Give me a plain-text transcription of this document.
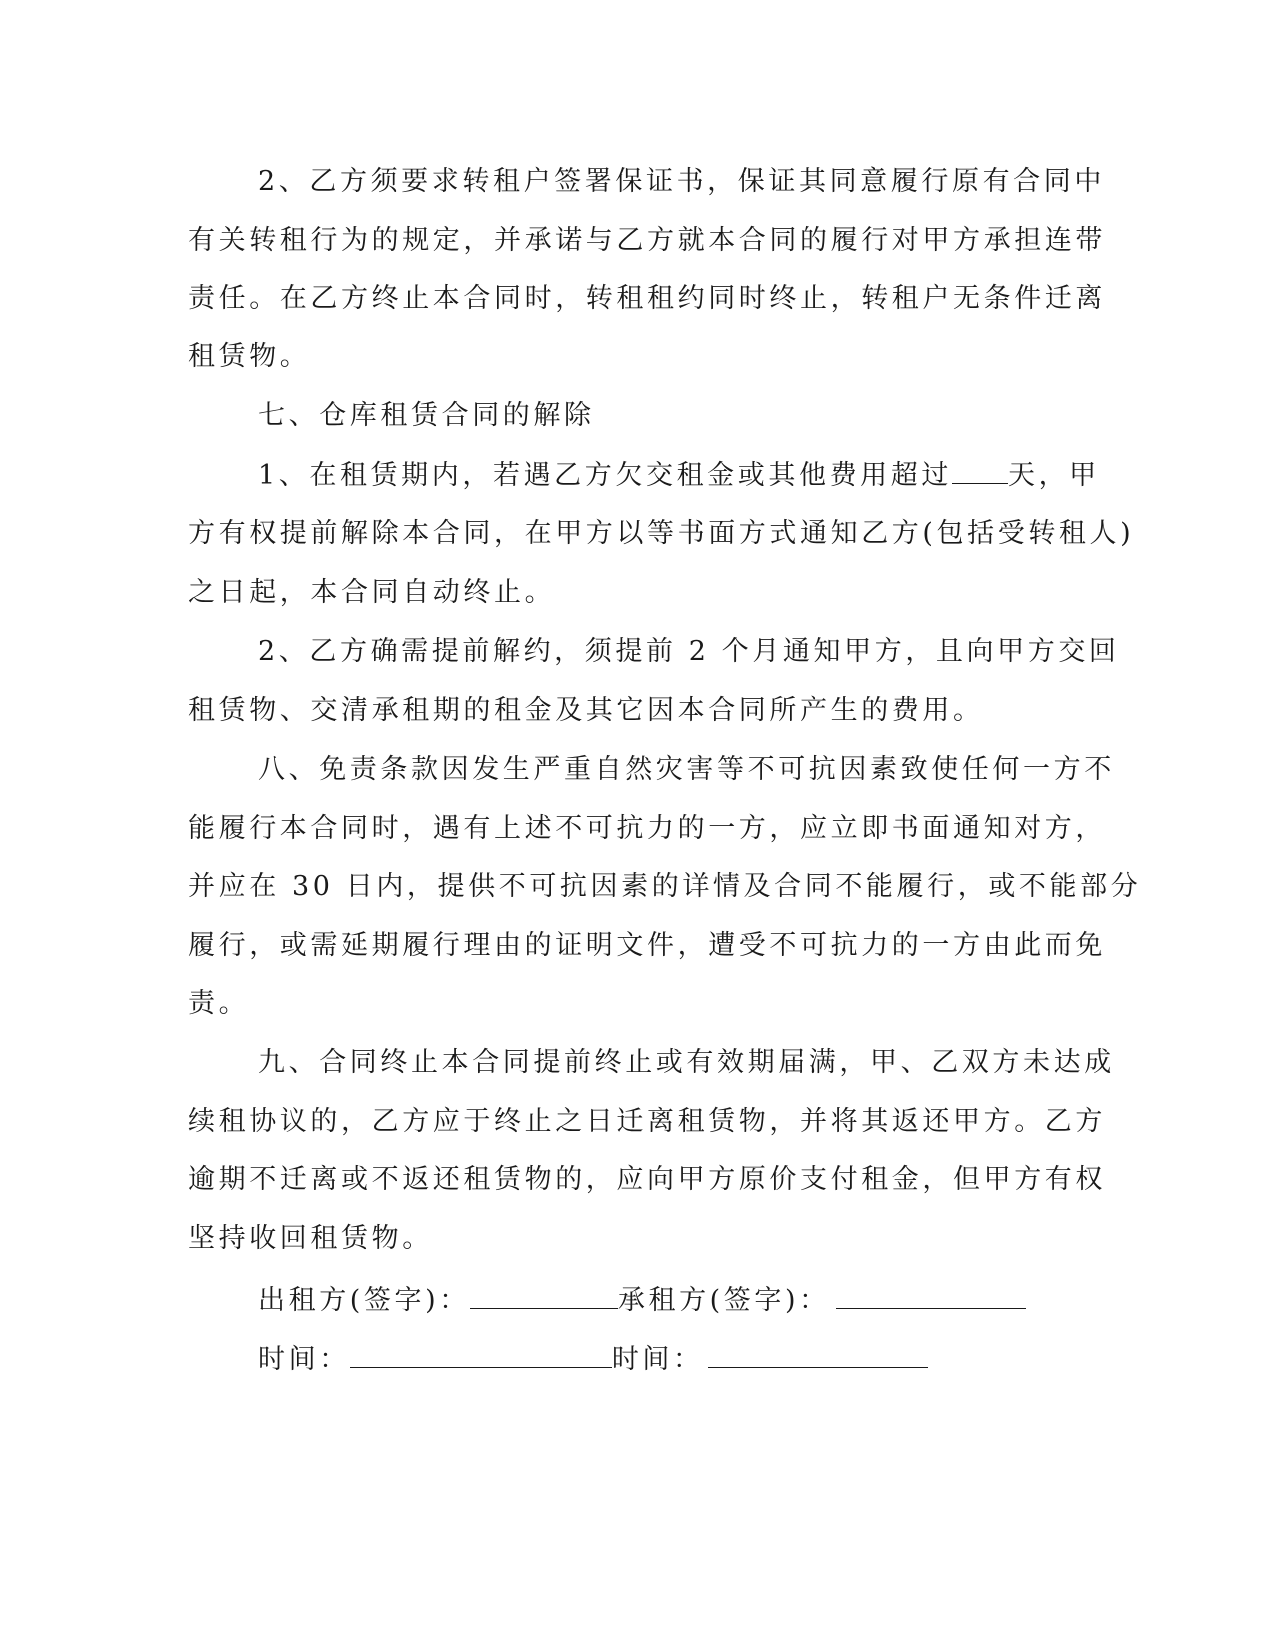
2、乙方须要求转租户签署保证书，保证其同意履行原有合同中
有关转租行为的规定，并承诺与乙方就本合同的履行对甲方承担连带
责任。在乙方终止本合同时，转租租约同时终止，转租户无条件迁离
租赁物。
七、仓库租赁合同的解除
1、在租赁期内，若遇乙方欠交租金或其他费用超过 天，甲
方有权提前解除本合同，在甲方以等书面方式通知乙方(包括受转租人)
之日起，本合同自动终止。
2、乙方确需提前解约，须提前 2 个月通知甲方，且向甲方交回
租赁物、交清承租期的租金及其它因本合同所产生的费用。
八、免责条款因发生严重自然灾害等不可抗因素致使任何一方不
能履行本合同时，遇有上述不可抗力的一方，应立即书面通知对方，
并应在 30 日内，提供不可抗因素的详情及合同不能履行，或不能部分
履行，或需延期履行理由的证明文件，遭受不可抗力的一方由此而免
责。
九、合同终止本合同提前终止或有效期届满，甲、乙双方未达成
续租协议的，乙方应于终止之日迁离租赁物，并将其返还甲方。乙方
逾期不迁离或不返还租赁物的，应向甲方原价支付租金，但甲方有权
坚持收回租赁物。
出租方(签字)：	承租方(签字)：
时间：	时间：
